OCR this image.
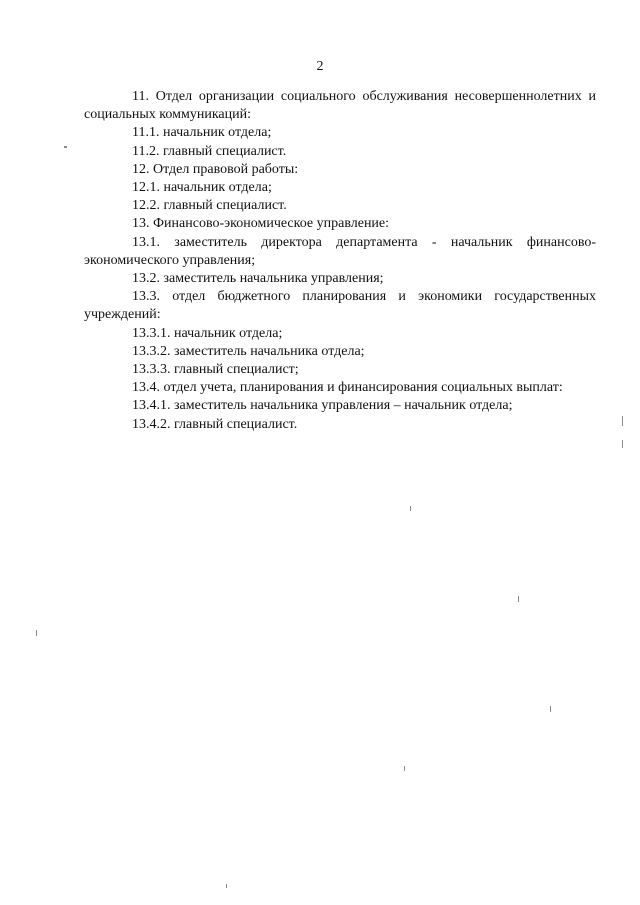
2

11. Отдел организации социального обслуживания несовершеннолетних и социальных коммуникаций:

11.1. начальник отдела;

11.2. главный специалист.

12. Отдел правовой работы:

12.1. начальник отдела;

12.2. главный специалист.

13. Финансово-экономическое управление:

13.1. заместитель директора департамента - начальник финансово-экономического управления;

13.2. заместитель начальника управления;

13.3. отдел бюджетного планирования и экономики государственных учреждений:

13.3.1. начальник отдела;

13.3.2. заместитель начальника отдела;

13.3.3. главный специалист;

13.4. отдел учета, планирования и финансирования социальных выплат:

13.4.1. заместитель начальника управления – начальник отдела;

13.4.2. главный специалист.
